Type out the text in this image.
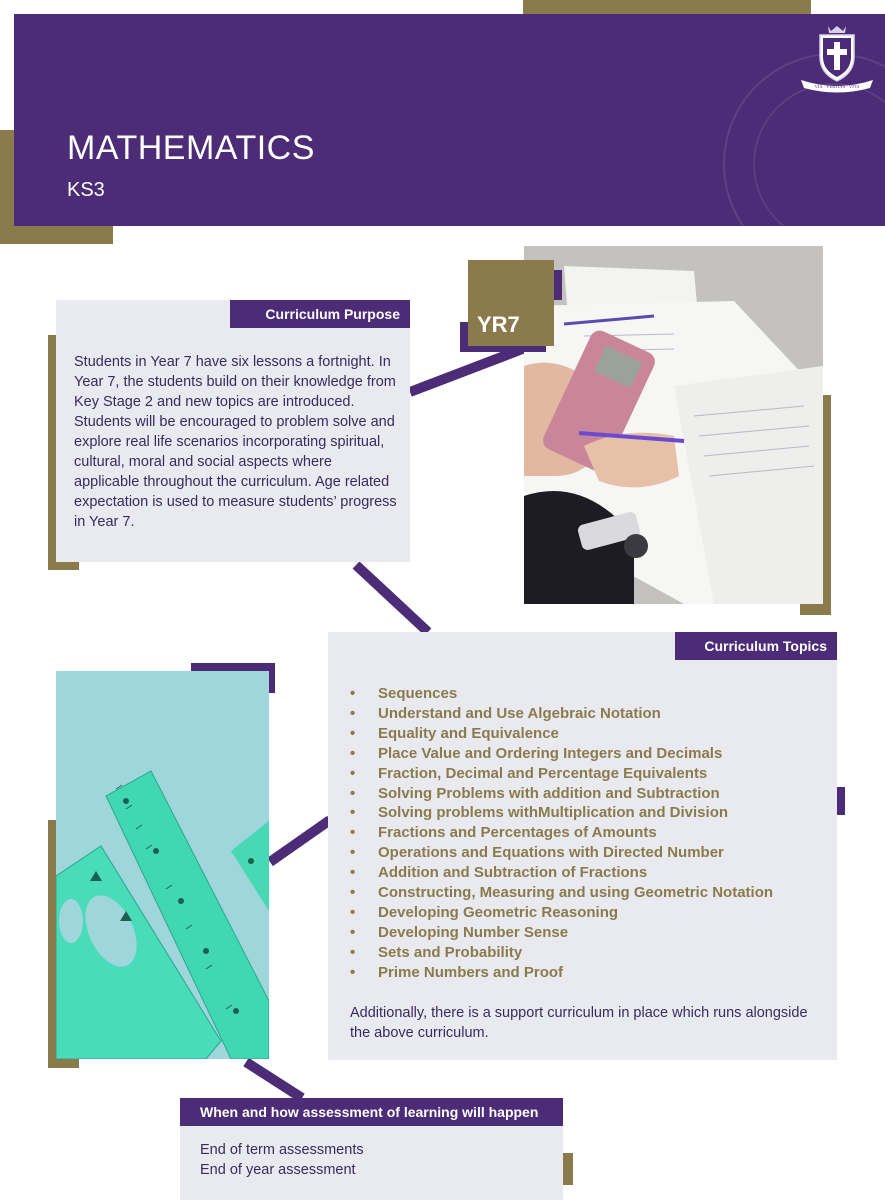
MATHEMATICS
KS3
VIA · VERITAS · VITA
Curriculum Purpose
Students in Year 7 have six lessons a fortnight. In Year 7, the students build on their knowledge from Key Stage 2 and new topics are introduced. Students will be encouraged to problem solve and explore real life scenarios incorporating spiritual, cultural, moral and social aspects where applicable throughout the curriculum. Age related expectation is used to measure students’ progress in Year 7.
YR7
Curriculum Topics
• Sequences
• Understand and Use Algebraic Notation
• Equality and Equivalence
• Place Value and Ordering Integers and Decimals
• Fraction, Decimal and Percentage Equivalents
• Solving Problems with addition and Subtraction
• Solving problems withMultiplication and Division
• Fractions and Percentages of Amounts
• Operations and Equations with Directed Number
• Addition and Subtraction of Fractions
• Constructing, Measuring and using Geometric Notation
• Developing Geometric Reasoning
• Developing Number Sense
• Sets and Probability
• Prime Numbers and Proof
Additionally, there is a support curriculum in place which runs alongside the above curriculum.
When and how assessment of learning will happen
End of term assessments
End of year assessment
